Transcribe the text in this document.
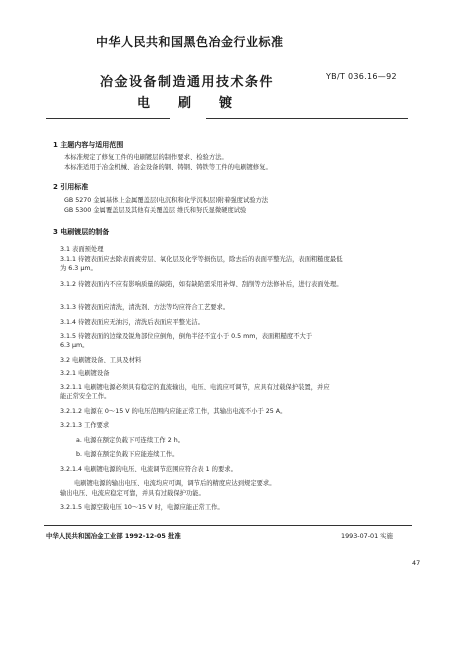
中华人民共和国黑色冶金行业标准
冶金设备制造通用技术条件
电刷镀
YB/T 036.16—92
1 主题内容与适用范围
本标准规定了修复工件的电刷镀层的制作要求、检验方法。
本标准适用于冶金机械、冶金设备的钢、铸钢、铸铁等工件的电刷镀修复。
2 引用标准
GB 5270 金属基体上金属覆盖层(电沉积和化学沉积层)附着强度试验方法
GB 5300 金属覆盖层及其他有关覆盖层 维氏和努氏显微硬度试验
3 电刷镀层的制备
3.1 表面预处理
3.1.1 待镀表面应去除表面疲劳层、氧化层及化学等损伤层，除去后的表面平整光洁，表面粗糙度最低
为 6.3 μm。
3.1.2 待镀表面内不应有影响质量的缺陷，如有缺陷需采用补焊、刮削等方法修补后，进行表面处理。
3.1.3 待镀表面应清洗，清洗剂、方法等均应符合工艺要求。
3.1.4 待镀表面应无油污，清洗后表面应平整光洁。
3.1.5 待镀表面的边缘及锐角部位应倒角，倒角半径不宜小于 0.5 mm，表面粗糙度不大于
6.3 μm。
3.2 电刷镀设备、工具及材料
3.2.1 电刷镀设备
3.2.1.1 电刷镀电源必须具有稳定的直流输出，电压、电流应可调节，应具有过载保护装置，并应
能正常安全工作。
3.2.1.2 电源在 0～15 V 的电压范围内应能正常工作，其输出电流不小于 25 A。
3.2.1.3 工作要求
a. 电源在额定负载下可连续工作 2 h。
b. 电源在额定负载下应能连续工作。
3.2.1.4 电刷镀电源的电压、电流调节范围应符合表 1 的要求。
电刷镀电源的输出电压、电流均应可调，调节后的精度应达到规定要求。
输出电压、电流应稳定可靠，并具有过载保护功能。
3.2.1.5 电源空载电压 10～15 V 时，电源应能正常工作。
中华人民共和国冶金工业部 1992-12-05 批准	1993-07-01 实施
47
